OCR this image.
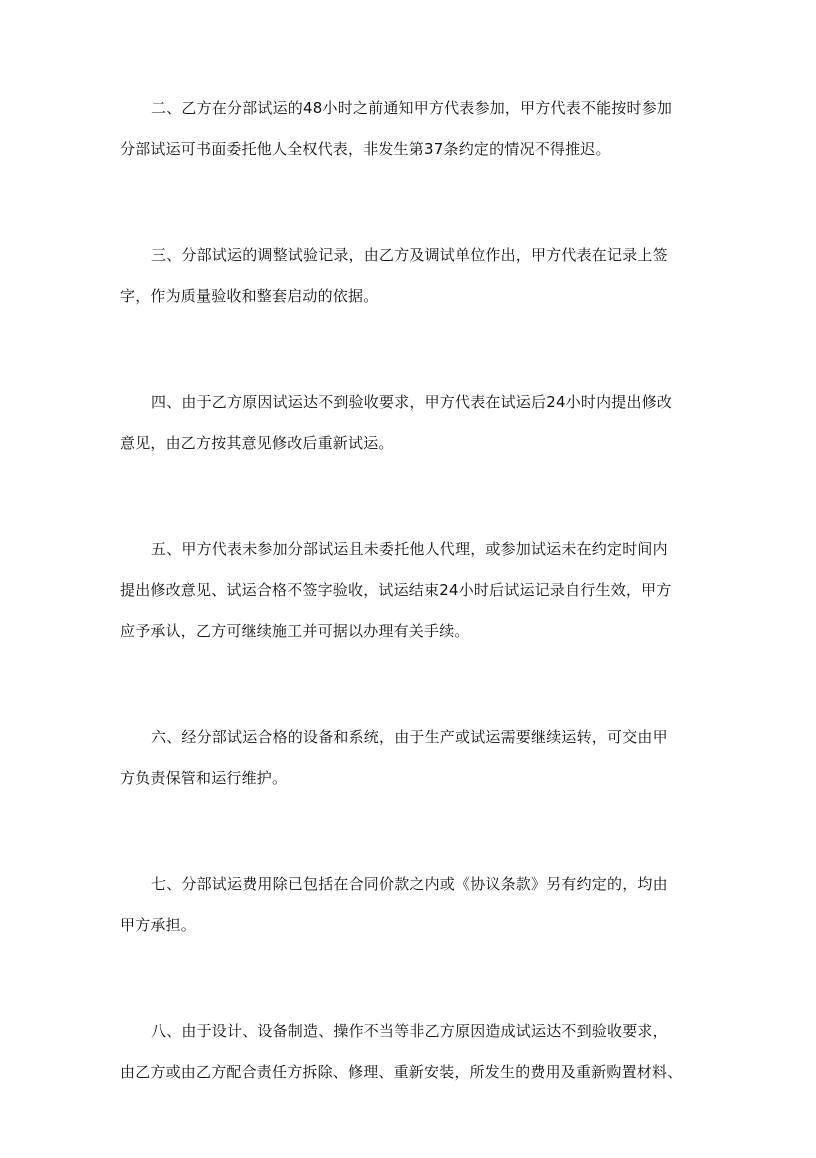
二、乙方在分部试运的48小时之前通知甲方代表参加，甲方代表不能按时参加
分部试运可书面委托他人全权代表，非发生第37条约定的情况不得推迟。

三、分部试运的调整试验记录，由乙方及调试单位作出，甲方代表在记录上签
字，作为质量验收和整套启动的依据。

四、由于乙方原因试运达不到验收要求，甲方代表在试运后24小时内提出修改
意见，由乙方按其意见修改后重新试运。

五、甲方代表未参加分部试运且未委托他人代理，或参加试运未在约定时间内
提出修改意见、试运合格不签字验收，试运结束24小时后试运记录自行生效，甲方
应予承认，乙方可继续施工并可据以办理有关手续。

六、经分部试运合格的设备和系统，由于生产或试运需要继续运转，可交由甲
方负责保管和运行维护。

七、分部试运费用除已包括在合同价款之内或《协议条款》另有约定的，均由
甲方承担。

八、由于设计、设备制造、操作不当等非乙方原因造成试运达不到验收要求，
由乙方或由乙方配合责任方拆除、修理、重新安装，所发生的费用及重新购置材料、
